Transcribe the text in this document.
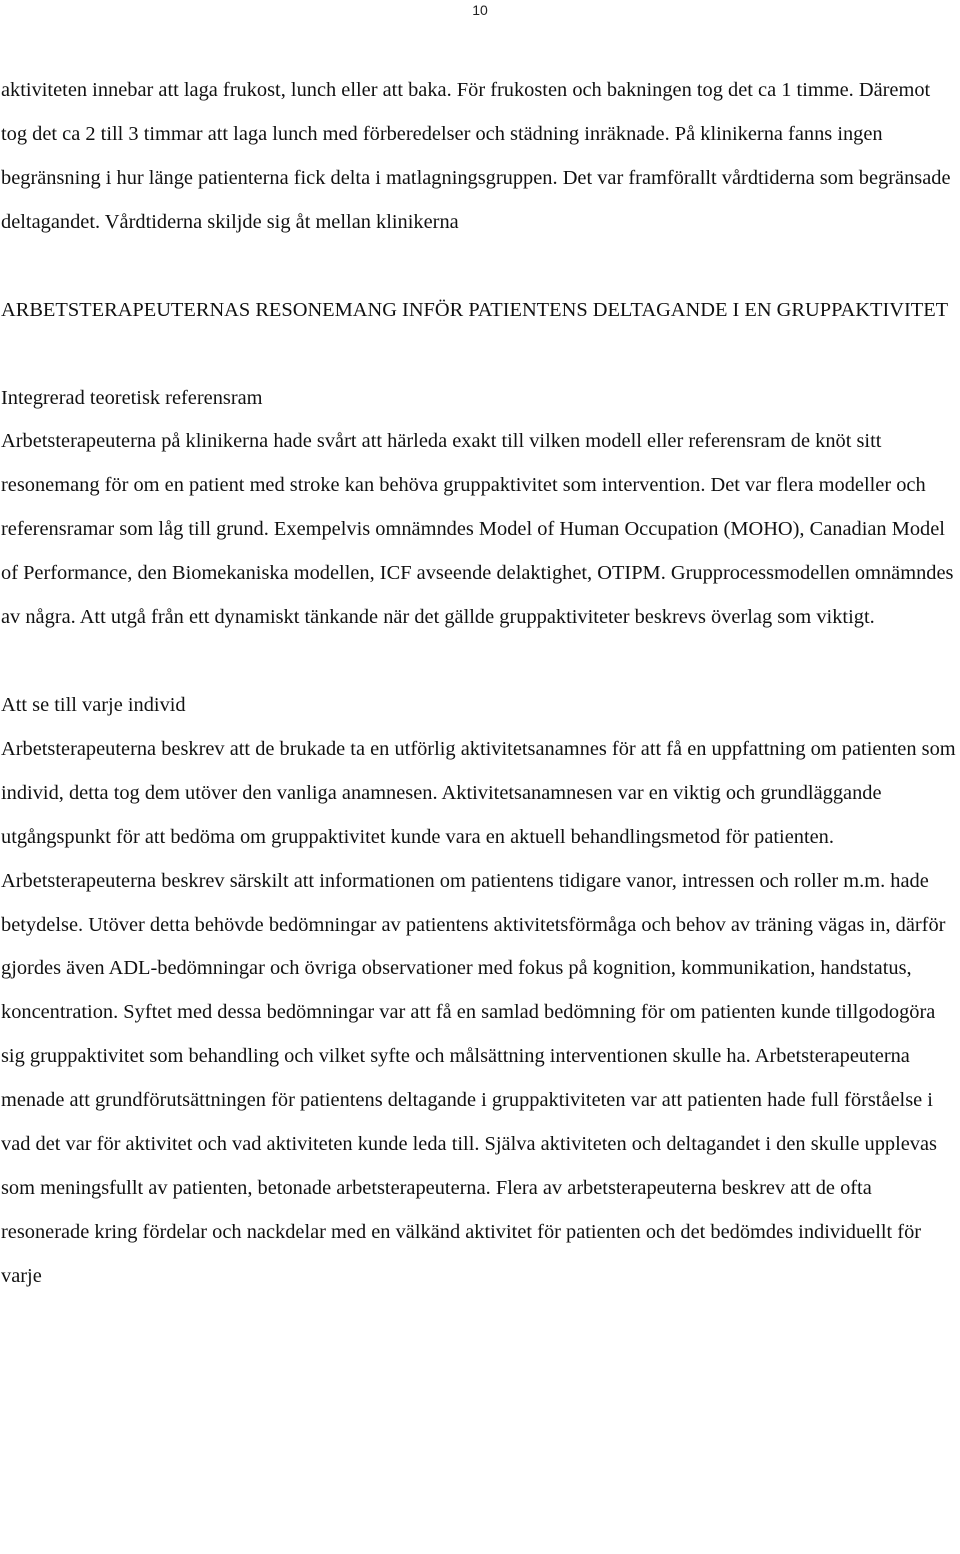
10

aktiviteten innebar att laga frukost, lunch eller att baka. För frukosten och bakningen tog det ca 1 timme. Däremot tog det ca 2 till 3 timmar att laga lunch med förberedelser och städning inräknade. På klinikerna fanns ingen begränsning i hur länge patienterna fick delta i matlagningsgruppen. Det var framförallt vårdtiderna som begränsade deltagandet. Vårdtiderna skiljde sig åt mellan klinikerna

ARBETSTERAPEUTERNAS RESONEMANG INFÖR PATIENTENS DELTAGANDE I EN GRUPPAKTIVITET

Integrerad teoretisk referensram

Arbetsterapeuterna på klinikerna hade svårt att härleda exakt till vilken modell eller referensram de knöt sitt resonemang för om en patient med stroke kan behöva gruppaktivitet som intervention. Det var flera modeller och referensramar som låg till grund. Exempelvis omnämndes Model of Human Occupation (MOHO), Canadian Model of Performance, den Biomekaniska modellen, ICF avseende delaktighet, OTIPM. Grupprocessmodellen omnämndes av några. Att utgå från ett dynamiskt tänkande när det gällde gruppaktiviteter beskrevs överlag som viktigt.

Att se till varje individ

Arbetsterapeuterna beskrev att de brukade ta en utförlig aktivitetsanamnes för att få en uppfattning om patienten som individ, detta tog dem utöver den vanliga anamnesen. Aktivitetsanamnesen var en viktig och grundläggande utgångspunkt för att bedöma om gruppaktivitet kunde vara en aktuell behandlingsmetod för patienten. Arbetsterapeuterna beskrev särskilt att informationen om patientens tidigare vanor, intressen och roller m.m. hade betydelse. Utöver detta behövde bedömningar av patientens aktivitetsförmåga och behov av träning vägas in, därför gjordes även ADL-bedömningar och övriga observationer med fokus på kognition, kommunikation, handstatus, koncentration. Syftet med dessa bedömningar var att få en samlad bedömning för om patienten kunde tillgodogöra sig gruppaktivitet som behandling och vilket syfte och målsättning interventionen skulle ha. Arbetsterapeuterna menade att grundförutsättningen för patientens deltagande i gruppaktiviteten var att patienten hade full förståelse i vad det var för aktivitet och vad aktiviteten kunde leda till. Själva aktiviteten och deltagandet i den skulle upplevas som meningsfullt av patienten, betonade arbetsterapeuterna. Flera av arbetsterapeuterna beskrev att de ofta resonerade kring fördelar och nackdelar med en välkänd aktivitet för patienten och det bedömdes individuellt för varje
